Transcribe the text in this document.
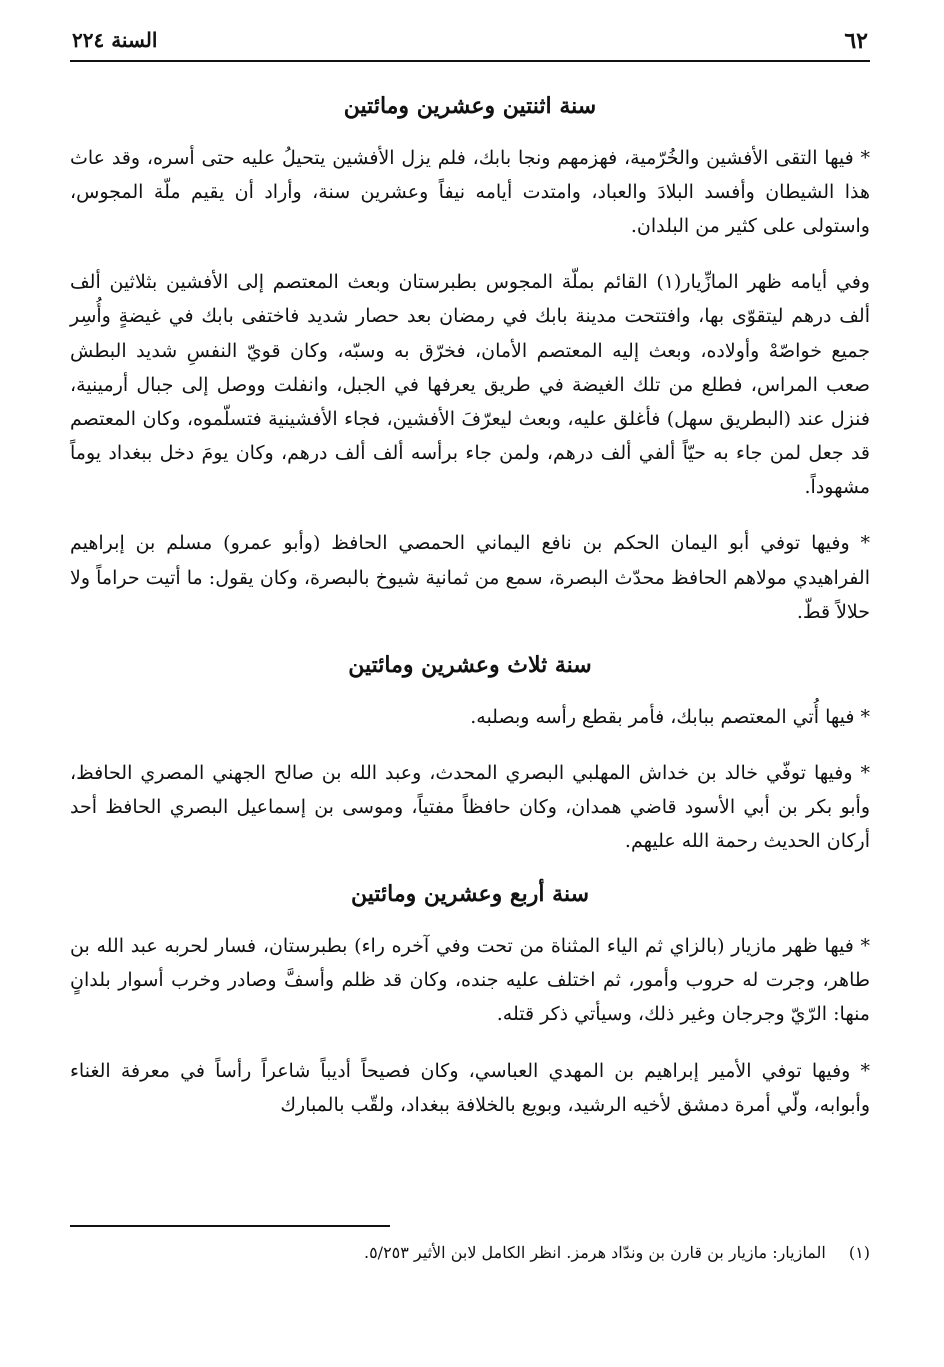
٦٢
السنة ٢٢٤
سنة اثنتين وعشرين ومائتين

* فيها التقى الأفشين والخُرّمية، فهزمهم ونجا بابك، فلم يزل الأفشين يتحيلُ عليه حتى أسره، وقد عاث هذا الشيطان وأفسد البلادَ والعباد، وامتدت أيامه نيفاً وعشرين سنة، وأراد أن يقيم ملّة المجوس، واستولى على كثير من البلدان.

وفي أيامه ظهر المازِّيار(١) القائم بملّة المجوس بطبرستان وبعث المعتصم إلى الأفشين بثلاثين ألف ألف درهم ليتقوّى بها، وافتتحت مدينة بابك في رمضان بعد حصار شديد فاختفى بابك في غيضةٍ وأُسِر جميع خواصّهْ وأولاده، وبعث إليه المعتصم الأمان، فخرّق به وسبّه، وكان قويّ النفسِ شديد البطش صعب المراس، فطلع من تلك الغيضة في طريق يعرفها في الجبل، وانفلت ووصل إلى جبال أرمينية، فنزل عند (البطريق سهل) فأغلق عليه، وبعث ليعرّفَ الأفشين، فجاء الأفشينية فتسلّموه، وكان المعتصم قد جعل لمن جاء به حيّاً ألفي ألف درهم، ولمن جاء برأسه ألف ألف درهم، وكان يومَ دخل ببغداد يوماً مشهوداً.

* وفيها توفي أبو اليمان الحكم بن نافع اليماني الحمصي الحافظ (وأبو عمرو) مسلم بن إبراهيم الفراهيدي مولاهم الحافظ محدّث البصرة، سمع من ثمانية شيوخ بالبصرة، وكان يقول: ما أتيت حراماً ولا حلالاً قطّ.

سنة ثلاث وعشرين ومائتين

* فيها أُتي المعتصم ببابك، فأمر بقطع رأسه وبصلبه.

* وفيها توفّي خالد بن خداش المهلبي البصري المحدث، وعبد الله بن صالح الجهني المصري الحافظ، وأبو بكر بن أبي الأسود قاضي همدان، وكان حافظاً مفتياً، وموسى بن إسماعيل البصري الحافظ أحد أركان الحديث رحمة الله عليهم.

سنة أربع وعشرين ومائتين

* فيها ظهر مازيار (بالزاي ثم الياء المثناة من تحت وفي آخره راء) بطبرستان، فسار لحربه عبد الله بن طاهر، وجرت له حروب وأمور، ثم اختلف عليه جنده، وكان قد ظلم وأسفَّ وصادر وخرب أسوار بلدانٍ منها: الرّيّ وجرجان وغير ذلك، وسيأتي ذكر قتله.

* وفيها توفي الأمير إبراهيم بن المهدي العباسي، وكان فصيحاً أديباً شاعراً رأساً في معرفة الغناء وأبوابه، ولّي أمرة دمشق لأخيه الرشيد، وبويع بالخلافة ببغداد، ولقّب بالمبارك

(١) المازيار: مازيار بن قارن بن وندّاد هرمز. انظر الكامل لابن الأثير ٥/٢٥٣.
